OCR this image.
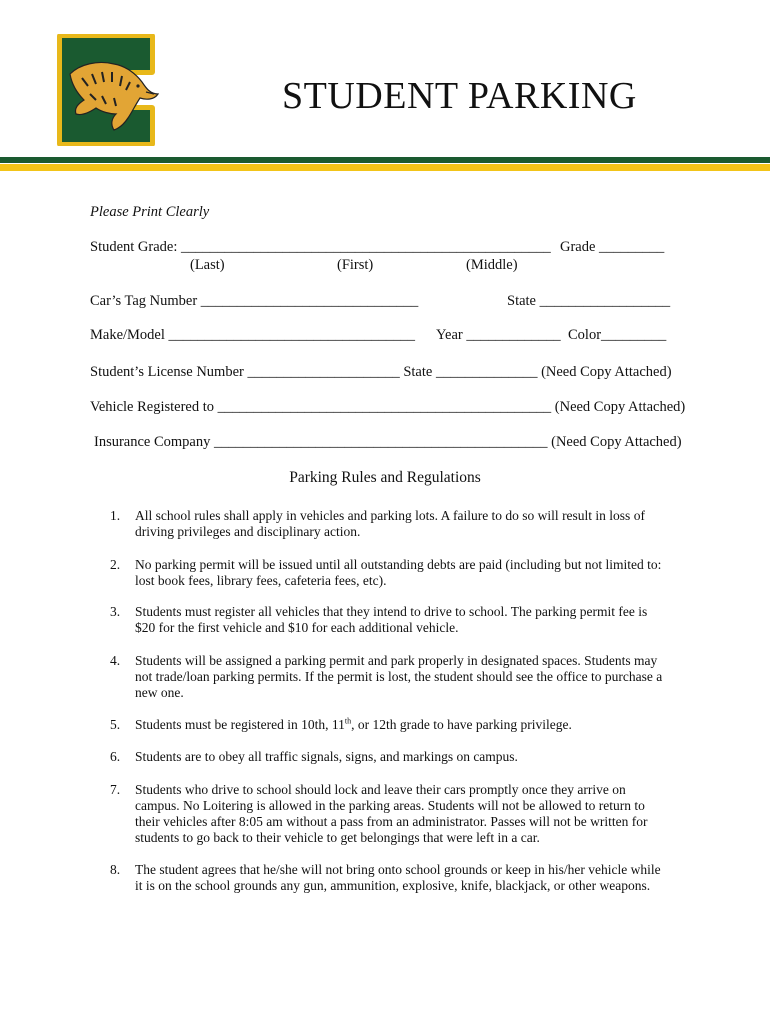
STUDENT PARKING
Please Print Clearly
Student Grade: ___________________________________________________ Grade _________
(Last)	(First)	(Middle)
Car’s Tag Number ______________________________	State __________________
Make/Model __________________________________ Year _____________ Color_________
Student’s License Number _____________________ State ______________ (Need Copy Attached)
Vehicle Registered to ______________________________________________ (Need Copy Attached)
Insurance Company ______________________________________________ (Need Copy Attached)
Parking Rules and Regulations
1. All school rules shall apply in vehicles and parking lots. A failure to do so will result in loss of driving privileges and disciplinary action.
2. No parking permit will be issued until all outstanding debts are paid (including but not limited to: lost book fees, library fees, cafeteria fees, etc).
3. Students must register all vehicles that they intend to drive to school. The parking permit fee is $20 for the first vehicle and $10 for each additional vehicle.
4. Students will be assigned a parking permit and park properly in designated spaces. Students may not trade/loan parking permits. If the permit is lost, the student should see the office to purchase a new one.
5. Students must be registered in 10th, 11th, or 12th grade to have parking privilege.
6. Students are to obey all traffic signals, signs, and markings on campus.
7. Students who drive to school should lock and leave their cars promptly once they arrive on campus. No Loitering is allowed in the parking areas. Students will not be allowed to return to their vehicles after 8:05 am without a pass from an administrator. Passes will not be written for students to go back to their vehicle to get belongings that were left in a car.
8. The student agrees that he/she will not bring onto school grounds or keep in his/her vehicle while it is on the school grounds any gun, ammunition, explosive, knife, blackjack, or other weapons.
